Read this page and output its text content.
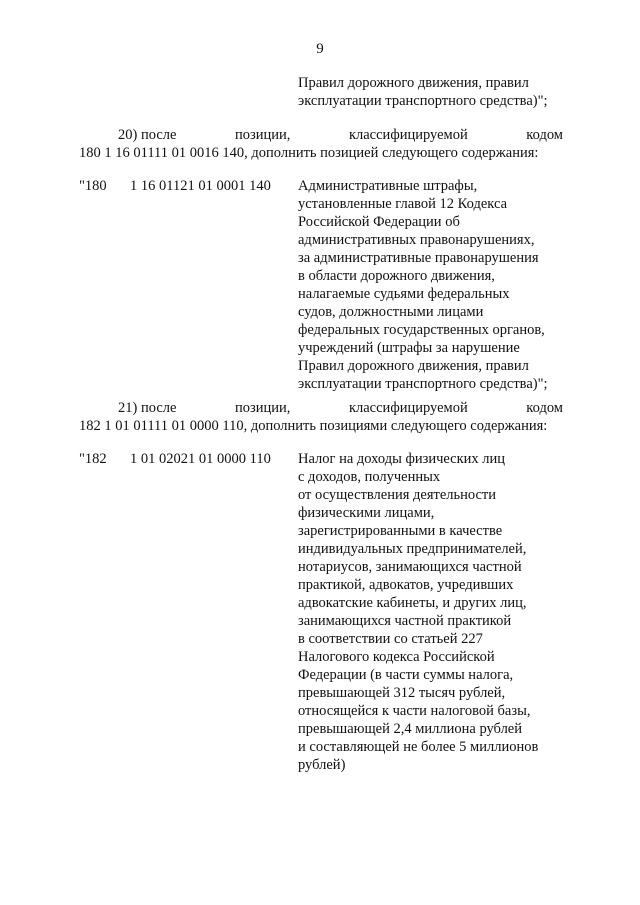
9
Правил дорожного движения, правил
эксплуатации транспортного средства)";
20) после	позиции,	классифицируемой	кодом
180 1 16 01111 01 0016 140, дополнить позицией следующего содержания:
"180 1 16 01121 01 0001 140 Административные штрафы,
установленные главой 12 Кодекса
Российской Федерации об
административных правонарушениях,
за административные правонарушения
в области дорожного движения,
налагаемые судьями федеральных
судов, должностными лицами
федеральных государственных органов,
учреждений (штрафы за нарушение
Правил дорожного движения, правил
эксплуатации транспортного средства)";
21) после	позиции,	классифицируемой	кодом
182 1 01 01111 01 0000 110, дополнить позициями следующего содержания:
"182 1 01 02021 01 0000 110 Налог на доходы физических лиц
с доходов, полученных
от осуществления деятельности
физическими лицами,
зарегистрированными в качестве
индивидуальных предпринимателей,
нотариусов, занимающихся частной
практикой, адвокатов, учредивших
адвокатские кабинеты, и других лиц,
занимающихся частной практикой
в соответствии со статьей 227
Налогового кодекса Российской
Федерации (в части суммы налога,
превышающей 312 тысяч рублей,
относящейся к части налоговой базы,
превышающей 2,4 миллиона рублей
и составляющей не более 5 миллионов
рублей)
